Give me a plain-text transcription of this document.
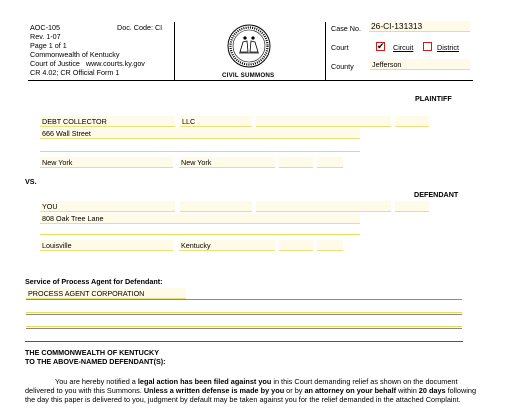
AOC-105	Doc. Code: CI
Rev. 1-07
Page 1 of 1
Commonwealth of Kentucky
Court of Justice   www.courts.ky.gov
CR 4.02; CR Official Form 1	CIVIL SUMMONS
Case No. 26-CI-131313
Court	✔ Circuit	District
County	Jefferson
PLAINTIFF
DEBT COLLECTOR	LLC
666 Wall Street
New York	New York
VS.
DEFENDANT
YOU
808 Oak Tree Lane
Louisville	Kentucky
Service of Process Agent for Defendant:
PROCESS AGENT CORPORATION
THE COMMONWEALTH OF KENTUCKY
TO THE ABOVE-NAMED DEFENDANT(S):

You are hereby notified a legal action has been filed against you in this Court demanding relief as shown on the document delivered to you with this Summons. Unless a written defense is made by you or by an attorney on your behalf within 20 days following the day this paper is delivered to you, judgment by default may be taken against you for the relief demanded in the attached Complaint.
